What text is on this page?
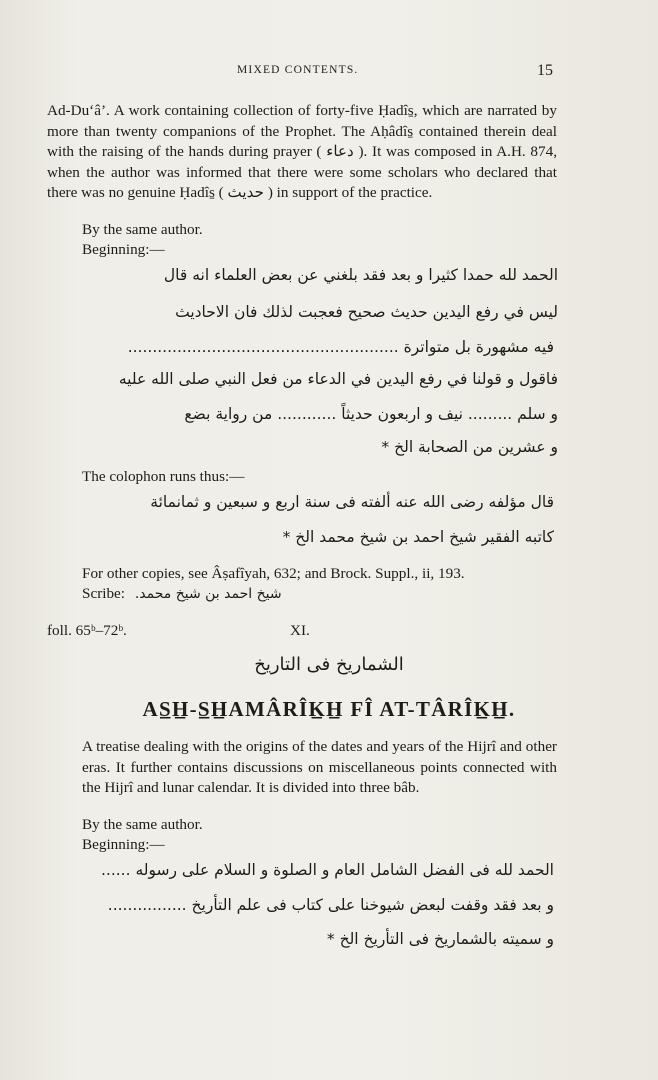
MIXED CONTENTS.	15

Ad-Du‘â’. A work containing collection of forty-five Ḥadîs̱, which are narrated by more than twenty companions of the Prophet. The Aḥâdîs̱ contained therein deal with the raising of the hands during prayer ( دعاء ). It was composed in A.H. 874, when the author was informed that there were some scholars who declared that there was no genuine Ḥadîs̱ ( حديث ) in support of the practice.

By the same author.
Beginning:—
الحمد لله حمدا كثيرا و بعد فقد بلغني عن بعض العلماء انه قال
ليس في رفع اليدين حديث صحيح فعجبت لذلك فان الاحاديث
فيه مشهورة بل متواترة .......................................................
فاقول و قولنا في رفع اليدين في الدعاء من فعل النبي صلى الله عليه
و سلم ......... نيف و اربعون حديثاً ............ من رواية بضع
و عشرين من الصحابة الخ *
The colophon runs thus:—
قال مؤلفه رضى الله عنه ألفته فى سنة اربع و سبعين و ثمانمائة
كاتبه الفقير شيخ احمد بن شيخ محمد الخ *
For other copies, see Âṣafîyah, 632; and Brock. Suppl., ii, 193.
Scribe: شيخ احمد بن شيخ محمد.
foll. 65ᵇ–72ᵇ.	XI.
الشماريخ فى التاريخ
AS̲H̲-S̲H̲AMÂRÎK̲H̲ FÎ AT-TÂRÎK̲H̲.

A treatise dealing with the origins of the dates and years of the Hijrî and other eras. It further contains discussions on miscellaneous points connected with the Hijrî and lunar calendar. It is divided into three bâb.

By the same author.
Beginning:—
الحمد لله فى الفضل الشامل العام و الصلوة و السلام على رسوله ......
و بعد فقد وقفت لبعض شيوخنا على كتاب فى علم التأريخ ................
و سميته بالشماريخ فى التأريخ الخ *
